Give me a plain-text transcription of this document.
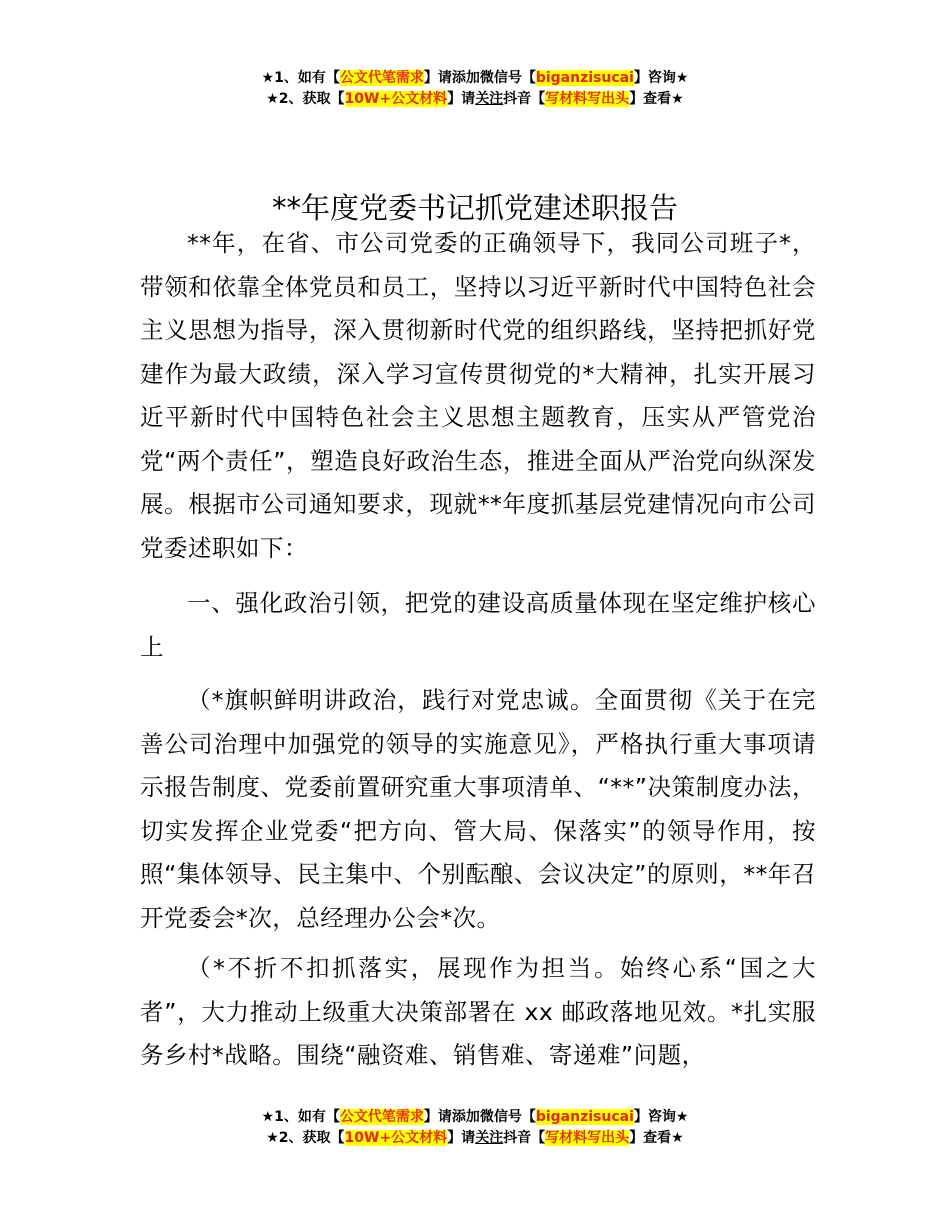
★1、如有【公文代笔需求】请添加微信号【biganzisucai】咨询★
★2、获取【10W+公文材料】请关注抖音【写材料写出头】查看★
**年度党委书记抓党建述职报告

**年，在省、市公司党委的正确领导下，我同公司班子*，带领和依靠全体党员和员工，坚持以习近平新时代中国特色社会主义思想为指导，深入贯彻新时代党的组织路线，坚持把抓好党建作为最大政绩，深入学习宣传贯彻党的*大精神，扎实开展习近平新时代中国特色社会主义思想主题教育，压实从严管党治党“两个责任”，塑造良好政治生态，推进全面从严治党向纵深发展。根据市公司通知要求，现就**年度抓基层党建情况向市公司党委述职如下：

一、强化政治引领，把党的建设高质量体现在坚定维护核心上

（*旗帜鲜明讲政治，践行对党忠诚。全面贯彻《关于在完善公司治理中加强党的领导的实施意见》，严格执行重大事项请示报告制度、党委前置研究重大事项清单、“**”决策制度办法，切实发挥企业党委“把方向、管大局、保落实”的领导作用，按照“集体领导、民主集中、个别酝酿、会议决定”的原则，**年召开党委会*次，总经理办公会*次。

（*不折不扣抓落实，展现作为担当。始终心系“国之大者”，大力推动上级重大决策部署在 xx 邮政落地见效。*扎实服务乡村*战略。围绕“融资难、销售难、寄递难”问题，

★1、如有【公文代笔需求】请添加微信号【biganzisucai】咨询★
★2、获取【10W+公文材料】请关注抖音【写材料写出头】查看★
